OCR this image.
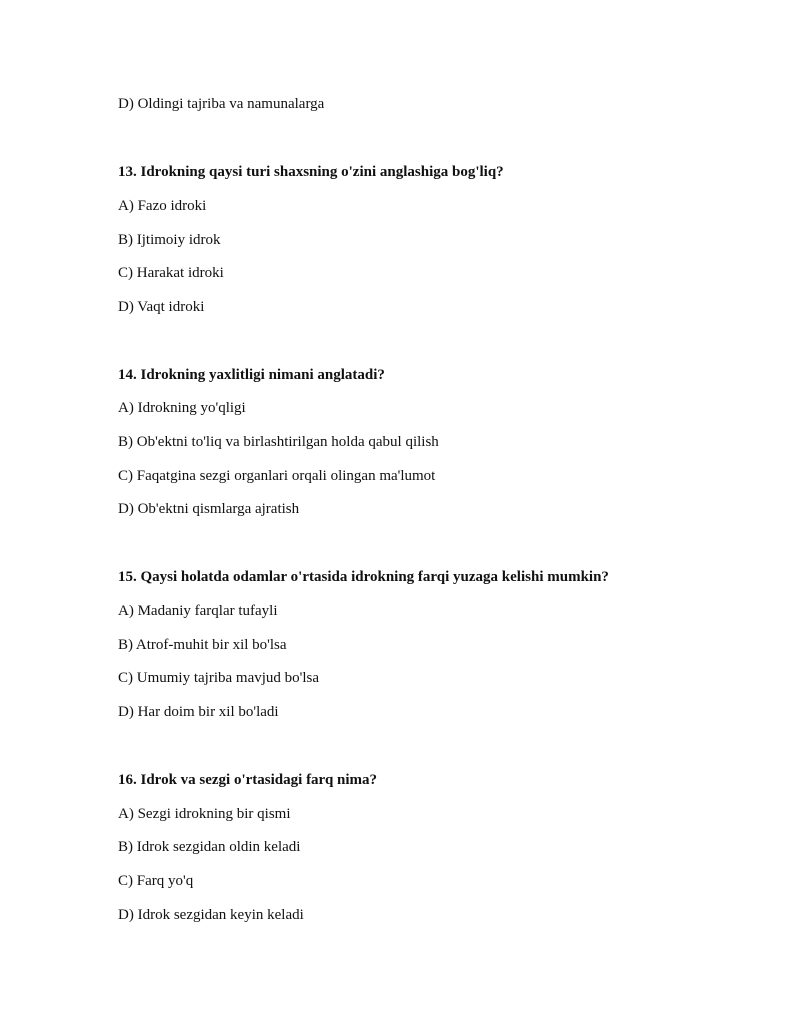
D) Oldingi tajriba va namunalarga
13. Idrokning qaysi turi shaxsning o'zini anglashiga bog'liq?
A) Fazo idroki
B) Ijtimoiy idrok
C) Harakat idroki
D) Vaqt idroki
14. Idrokning yaxlitligi nimani anglatadi?
A) Idrokning yo'qligi
B) Ob'ektni to'liq va birlashtirilgan holda qabul qilish
C) Faqatgina sezgi organlari orqali olingan ma'lumot
D) Ob'ektni qismlarga ajratish
15. Qaysi holatda odamlar o'rtasida idrokning farqi yuzaga kelishi mumkin?
A) Madaniy farqlar tufayli
B) Atrof-muhit bir xil bo'lsa
C) Umumiy tajriba mavjud bo'lsa
D) Har doim bir xil bo'ladi
16. Idrok va sezgi o'rtasidagi farq nima?
A) Sezgi idrokning bir qismi
B) Idrok sezgidan oldin keladi
C) Farq yo'q
D) Idrok sezgidan keyin keladi
